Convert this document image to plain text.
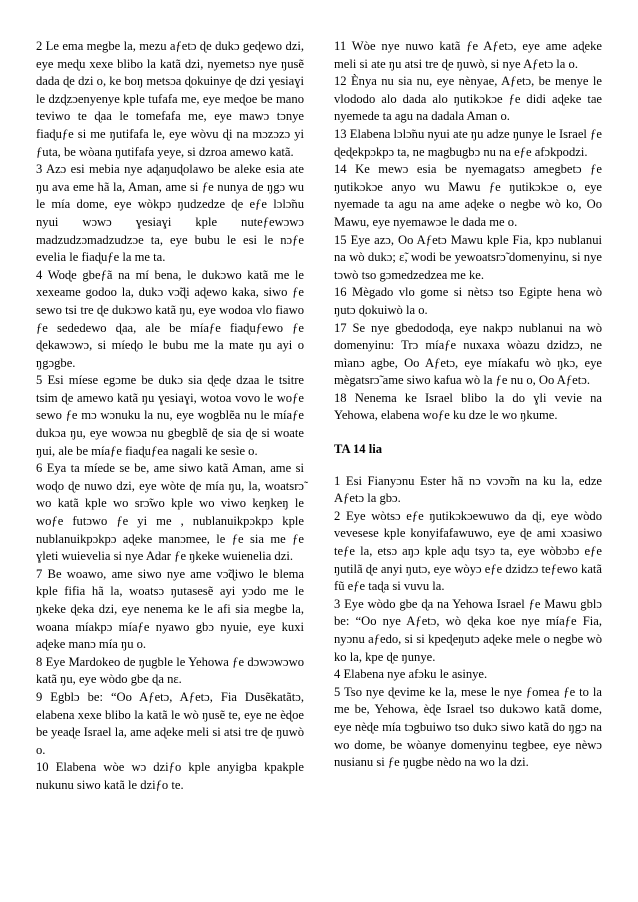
2 Le ema megbe la, mezu aƒetɔ ɖe dukɔ geɖewo dzi, eye meɖu xexe blibo la katã dzi, nyemetsɔ nye ŋusẽ dada ɖe dzi o, ke boŋ metsɔa ɖokuinye ɖe dzi ɣesiaɣi le dzɖzɔenyenye kple tufafa me, eye meɖoe be mano teviwo te ɖaa le tomefafa me, eye mawɔ tɔnye fiaɖuƒe si me ŋutifafa le, eye wòvu ɖi na mɔzɔzɔ yi ƒuta, be wòana ŋutifafa yeye, si dzroa amewo katã.

3 Azɔ esi mebia nye aɖaŋuɖolawo be aleke esia ate ŋu ava eme hã la, Aman, ame si ƒe nunya de ŋgɔ wu le mía dome, eye wòkpɔ ŋudzedze ɖe eƒe lɔlɔ̃nu nyui wɔwɔ ɣesiaɣi kple nuteƒewɔwɔ madzudzɔmadzudzɔe ta, eye bubu le esi le nɔƒe evelia le fiaɖuƒe la me ta.

4 Woɖe gbeƒã na mí bena, le dukɔwo katã me le xexeame godoo la, dukɔ vɔ̃ɖi aɖewo kaka, siwo ƒe sewo tsi tre ɖe dukɔwo katã ŋu, eye wodoa vlo fiawo ƒe sededewo ɖaa, ale be míaƒe fiaɖuƒewo ƒe ɖekawɔwɔ, si míeɖo le bubu me la mate ŋu ayi o ŋgɔgbe.

5 Esi míese egɔme be dukɔ sia ɖeɖe dzaa le tsitre tsim ɖe amewo katã ŋu ɣesiaɣi, wotoa vovo le woƒe sewo ƒe mɔ wɔnuku la nu, eye wogblẽa nu le míaƒe dukɔa ŋu, eye wowɔa nu gbegblẽ ɖe sia ɖe si woate ŋui, ale be míaƒe fiaɖuƒea nagali ke sesìe o.

6 Eya ta míede se be, ame siwo katã Aman, ame si woɖo ɖe nuwo dzi, eye wòte ɖe mía ŋu, la, woatsrɔ̃ wo katã kple wo srɔ̃wo kple wo viwo keŋkeŋ le woƒe futɔwo ƒe yi me , nublanuikpɔkpɔ kple nublanuikpɔkpɔ aɖeke manɔmee, le ƒe sia me ƒe ɣleti wuievelia si nye Adar ƒe ŋkeke wuienelia dzi.

7 Be woawo, ame siwo nye ame vɔ̃ɖiwo le blema kple fifia hã la, woatsɔ ŋutasesẽ ayi yɔdo me le ŋkeke ɖeka dzi, eye nenema ke le afi sia megbe la, woana míakpɔ míaƒe nyawo gbɔ nyuie, eye kuxi aɖeke manɔ mía ŋu o.

8 Eye Mardokeo de ŋugble le Yehowa ƒe dɔwɔwɔwo katã ŋu, eye wòdo gbe ɖa nɛ.

9 Egblɔ be: “Oo Aƒetɔ, Aƒetɔ, Fia Dusẽkatãtɔ, elabena xexe blibo la katã le wò ŋusẽ te, eye ne èɖoe be yeaɖe Israel la, ame aɖeke meli si atsi tre ɖe ŋuwò o.

10 Elabena wòe wɔ dziƒo kple anyigba kpakple nukunu siwo katã le dziƒo te.

11 Wòe nye nuwo katã ƒe Aƒetɔ, eye ame aɖeke meli si ate ŋu atsi tre ɖe ŋuwò, si nye Aƒetɔ la o.

12 Ènya nu sia nu, eye nènyae, Aƒetɔ, be menye le vlododo alo dada alo ŋutikɔkɔe ƒe didi aɖeke tae nyemede ta agu na dadala Aman o.

13 Elabena lɔlɔ̃nu nyui ate ŋu adze ŋunye le Israel ƒe ɖeɖekpɔkpɔ ta, ne magbugbɔ nu na eƒe afɔkpodzi.

14 Ke mewɔ esia be nyemagatsɔ amegbetɔ ƒe ŋutikɔkɔe anyo wu Mawu ƒe ŋutikɔkɔe o, eye nyemade ta agu na ame aɖeke o negbe wò ko, Oo Mawu, eye nyemawɔe le dada me o.

15 Eye azɔ, Oo Aƒetɔ Mawu kple Fia, kpɔ nublanui na wò dukɔ; ɛ̃, wodi be yewoatsrɔ̃ domenyinu, si nye tɔwò tso gɔmedzedzea me ke.

16 Mègado vlo gome si nètsɔ tso Egipte hena wò ŋutɔ ɖokuiwò la o.

17 Se nye gbedodoɖa, eye nakpɔ nublanui na wò domenyinu: Trɔ míaƒe nuxaxa wòazu dzidzɔ, ne mìanɔ agbe, Oo Aƒetɔ, eye míakafu wò ŋkɔ, eye mègatsrɔ̃ ame siwo kafua wò la ƒe nu o, Oo Aƒetɔ.

18 Nenema ke Israel blibo la do ɣli vevie na Yehowa, elabena woƒe ku dze le wo ŋkume.

TA 14 lia

1 Esi Fianyɔnu Ester hã nɔ vɔvɔ̃m na ku la, edze Aƒetɔ la gbɔ.

2 Eye wòtsɔ eƒe ŋutikɔkɔewuwo da ɖi, eye wòdo vevesese kple konyifafawuwo, eye ɖe ami xɔasiwo teƒe la, etsɔ aŋɔ kple aɖu tsyɔ ta, eye wòbɔbɔ eƒe ŋutilã ɖe anyi ŋutɔ, eye wòyɔ eƒe dzidzɔ teƒewo katã fũ eƒe taɖa si vuvu la.

3 Eye wòdo gbe ɖa na Yehowa Israel ƒe Mawu gblɔ be: “Oo nye Aƒetɔ, wò ɖeka koe nye míaƒe Fia, nyɔnu aƒedo, si si kpeɖeŋutɔ aɖeke mele o negbe wò ko la, kpe ɖe ŋunye.

4 Elabena nye afɔku le asinye.

5 Tso nye ɖevime ke la, mese le nye ƒomea ƒe to la me be, Yehowa, èɖe Israel tso dukɔwo katã dome, eye nèɖe mía tɔgbuiwo tso dukɔ siwo katã do ŋgɔ na wo dome, be wòanye domenyinu tegbee, eye nèwɔ nusianu si ƒe ŋugbe nèdo na wo la dzi.
